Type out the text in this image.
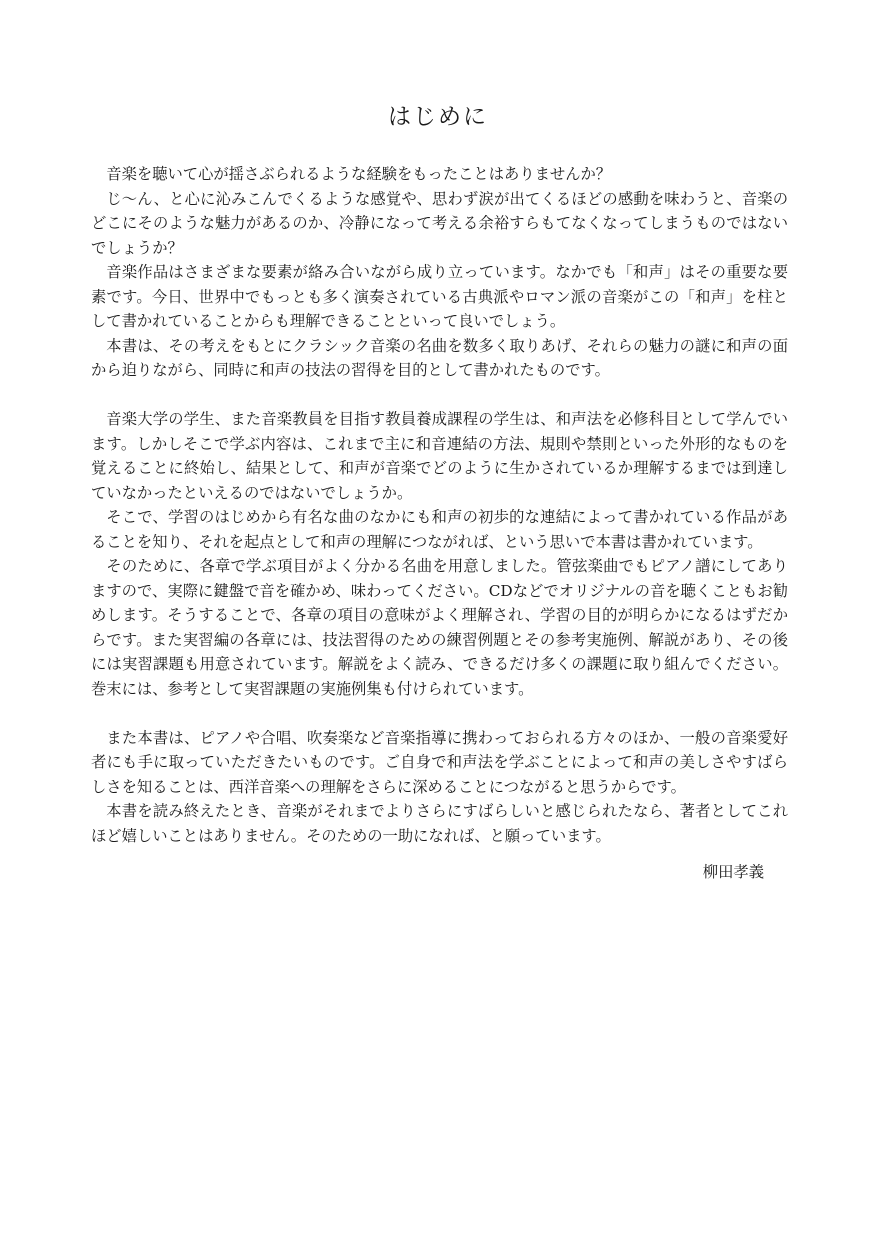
はじめに

音楽を聴いて心が揺さぶられるような経験をもったことはありませんか？

じ～ん、と心に沁みこんでくるような感覚や、思わず涙が出てくるほどの感動を味わうと、音楽のどこにそのような魅力があるのか、冷静になって考える余裕すらもてなくなってしまうものではないでしょうか？

音楽作品はさまざまな要素が絡み合いながら成り立っています。なかでも「和声」はその重要な要素です。今日、世界中でもっとも多く演奏されている古典派やロマン派の音楽がこの「和声」を柱として書かれていることからも理解できることといって良いでしょう。

本書は、その考えをもとにクラシック音楽の名曲を数多く取りあげ、それらの魅力の謎に和声の面から迫りながら、同時に和声の技法の習得を目的として書かれたものです。

音楽大学の学生、また音楽教員を目指す教員養成課程の学生は、和声法を必修科目として学んでいます。しかしそこで学ぶ内容は、これまで主に和音連結の方法、規則や禁則といった外形的なものを覚えることに終始し、結果として、和声が音楽でどのように生かされているか理解するまでは到達していなかったといえるのではないでしょうか。

そこで、学習のはじめから有名な曲のなかにも和声の初歩的な連結によって書かれている作品があることを知り、それを起点として和声の理解につながれば、という思いで本書は書かれています。

そのために、各章で学ぶ項目がよく分かる名曲を用意しました。管弦楽曲でもピアノ譜にしてありますので、実際に鍵盤で音を確かめ、味わってください。CDなどでオリジナルの音を聴くこともお勧めします。そうすることで、各章の項目の意味がよく理解され、学習の目的が明らかになるはずだからです。また実習編の各章には、技法習得のための練習例題とその参考実施例、解説があり、その後には実習課題も用意されています。解説をよく読み、できるだけ多くの課題に取り組んでください。巻末には、参考として実習課題の実施例集も付けられています。

また本書は、ピアノや合唱、吹奏楽など音楽指導に携わっておられる方々のほか、一般の音楽愛好者にも手に取っていただきたいものです。ご自身で和声法を学ぶことによって和声の美しさやすばらしさを知ることは、西洋音楽への理解をさらに深めることにつながると思うからです。

本書を読み終えたとき、音楽がそれまでよりさらにすばらしいと感じられたなら、著者としてこれほど嬉しいことはありません。そのための一助になれば、と願っています。

柳田孝義
